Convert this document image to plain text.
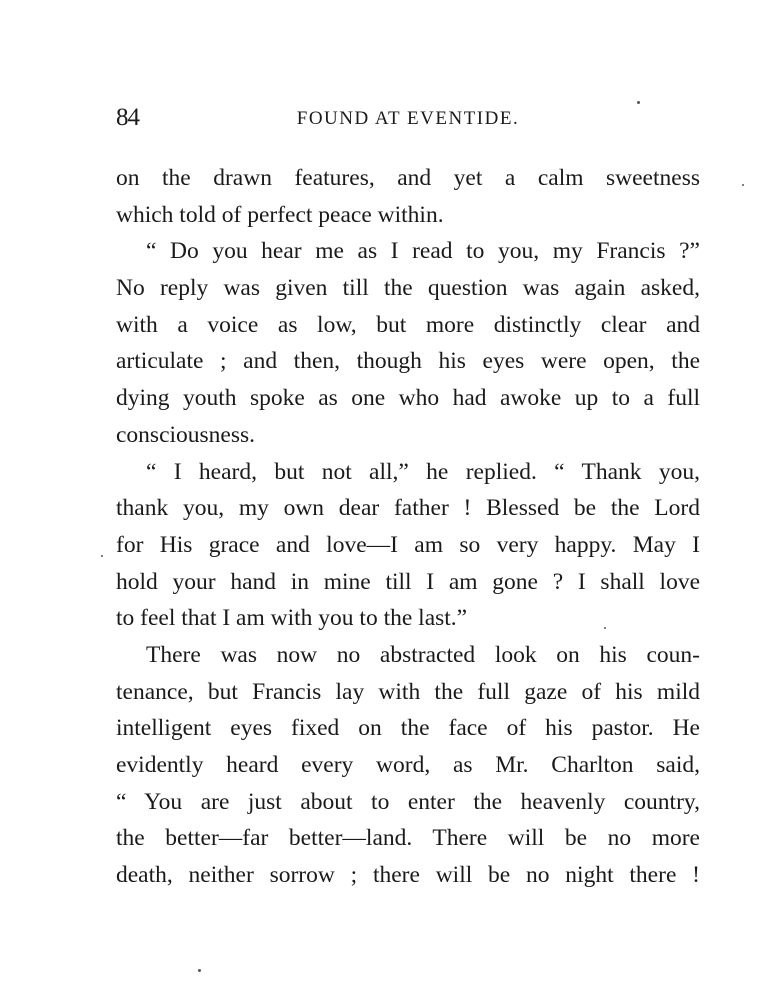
84	FOUND AT EVENTIDE.
on the drawn features, and yet a calm sweetness
which told of perfect peace within.
“ Do you hear me as I read to you, my Francis ?”
No reply was given till the question was again asked,
with a voice as low, but more distinctly clear and
articulate ; and then, though his eyes were open, the
dying youth spoke as one who had awoke up to a full
consciousness.
“ I heard, but not all,” he replied. “ Thank you,
thank you, my own dear father ! Blessed be the Lord
for His grace and love—I am so very happy. May I
hold your hand in mine till I am gone ? I shall love
to feel that I am with you to the last.”
There was now no abstracted look on his coun-
tenance, but Francis lay with the full gaze of his mild
intelligent eyes fixed on the face of his pastor. He
evidently heard every word, as Mr. Charlton said,
“ You are just about to enter the heavenly country,
the better—far better—land. There will be no more
death, neither sorrow ; there will be no night there !
